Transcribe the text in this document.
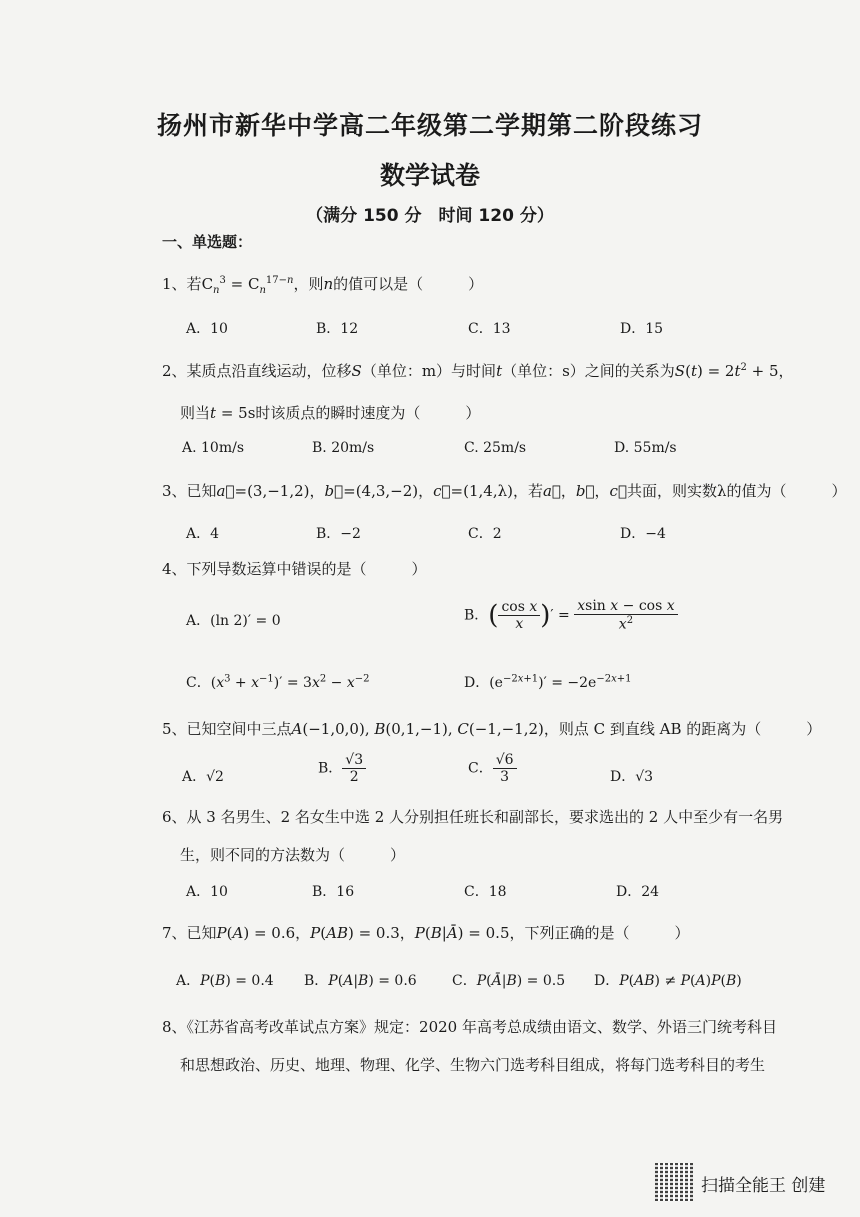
扬州市新华中学高二年级第二学期第二阶段练习
数学试卷
（满分 150 分　时间 120 分）
一、单选题：
1、若$C_n^3 = C_n^{17-n}$，则n的值可以是（　　　）
A．10	B．12	C．13	D．15
2、某质点沿直线运动，位移S（单位：m）与时间t（单位：s）之间的关系为$S(t) = 2t^2 + 5$，
则当t = 5s时该质点的瞬时速度为（　　　）
A. 10m/s	B. 20m/s	C. 25m/s	D. 55m/s
3、已知a⃗=(3,−1,2)，b⃗=(4,3,−2)，c⃗=(1,4,λ)，若a⃗，b⃗，c⃗共面，则实数λ的值为（　　　）
A．4	B．−2	C．2	D．−4
4、下列导数运算中错误的是（　　　）
A．(ln 2)′ = 0	B．( $\frac{\text{cos x}}{x}$ )′ = $\frac{\text{xsin x − cos x}}{x^2}$
C．$(x^3 + x^{-1})' = 3x^2 - x^{-2}$	D．$(e^{-2x+1})' = -2e^{-2x+1}$
5、已知空间中三点A(−1,0,0), B(0,1,−1), C(−1,−1,2)，则点 C 到直线 AB 的距离为（　　　）
A．√2
B． $\frac{√3}{2}$	C． $\frac{√6}{3}$	D．√3
6、从 3 名男生、2 名女生中选 2 人分别担任班长和副部长，要求选出的 2 人中至少有一名男
生，则不同的方法数为（　　　）
A．10	B．16	C．18	D．24
7、已知P(A) = 0.6，P(AB) = 0.3，P(B|Ā) = 0.5，下列正确的是（　　　）
A．P(B) = 0.4 B．P(A|B) = 0.6	C．P(Ā|B) = 0.5 D．P(AB) ≠ P(A)P(B)
8、《江苏省高考改革试点方案》规定：2020 年高考总成绩由语文、数学、外语三门统考科目
和思想政治、历史、地理、物理、化学、生物六门选考科目组成，将每门选考科目的考生
扫描全能王 创建
